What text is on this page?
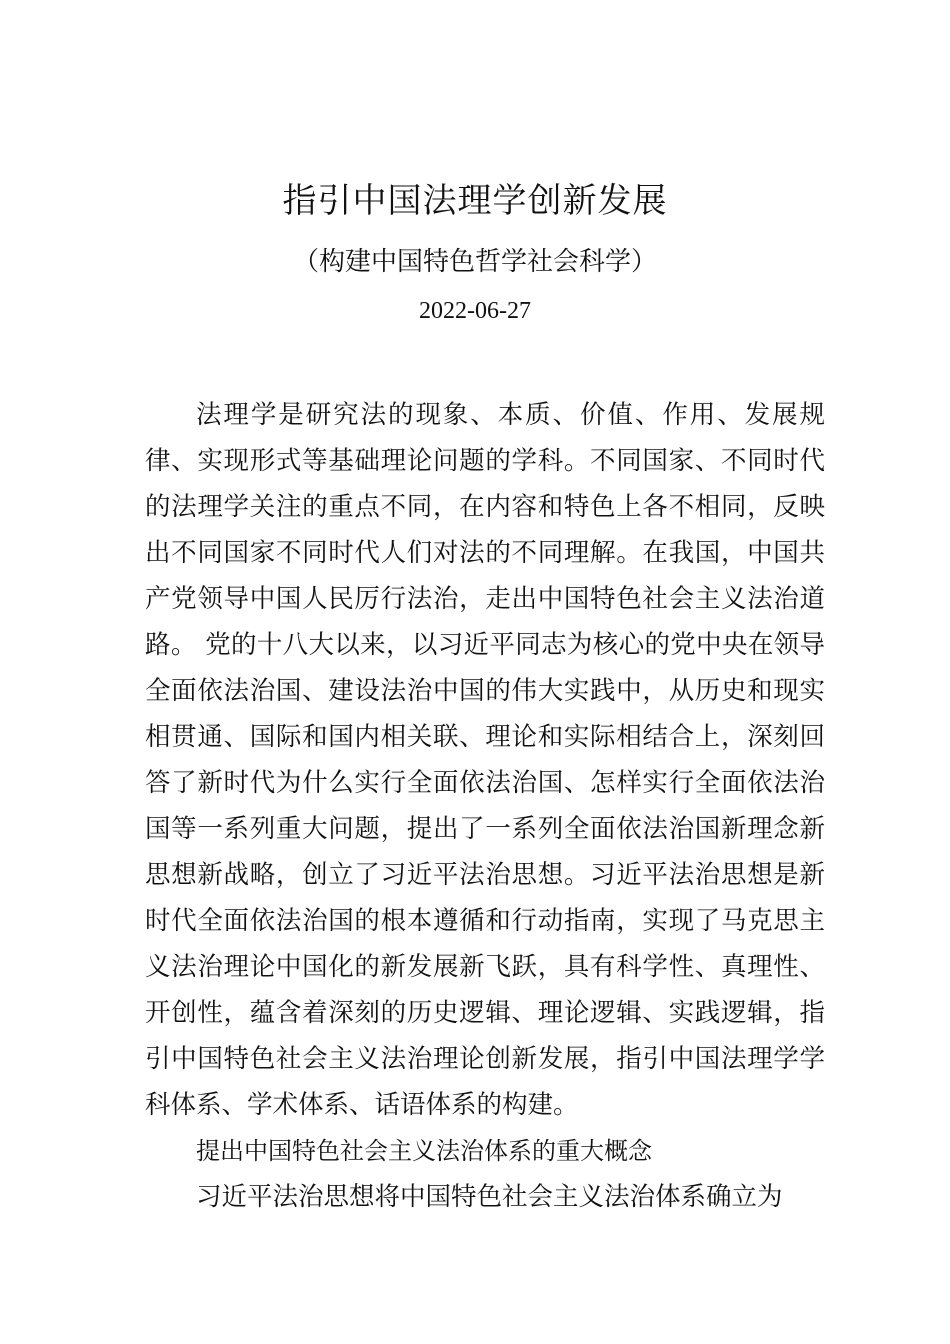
指引中国法理学创新发展
（构建中国特色哲学社会科学）
2022-06-27

法理学是研究法的现象、本质、价值、作用、发展规律、实现形式等基础理论问题的学科。不同国家、不同时代的法理学关注的重点不同，在内容和特色上各不相同，反映出不同国家不同时代人们对法的不同理解。在我国，中国共产党领导中国人民厉行法治，走出中国特色社会主义法治道路。 党的十八大以来，以习近平同志为核心的党中央在领导全面依法治国、建设法治中国的伟大实践中，从历史和现实相贯通、国际和国内相关联、理论和实际相结合上，深刻回答了新时代为什么实行全面依法治国、怎样实行全面依法治国等一系列重大问题，提出了一系列全面依法治国新理念新思想新战略，创立了习近平法治思想。习近平法治思想是新时代全面依法治国的根本遵循和行动指南，实现了马克思主义法治理论中国化的新发展新飞跃，具有科学性、真理性、开创性，蕴含着深刻的历史逻辑、理论逻辑、实践逻辑，指引中国特色社会主义法治理论创新发展，指引中国法理学学科体系、学术体系、话语体系的构建。

提出中国特色社会主义法治体系的重大概念

习近平法治思想将中国特色社会主义法治体系确立为
